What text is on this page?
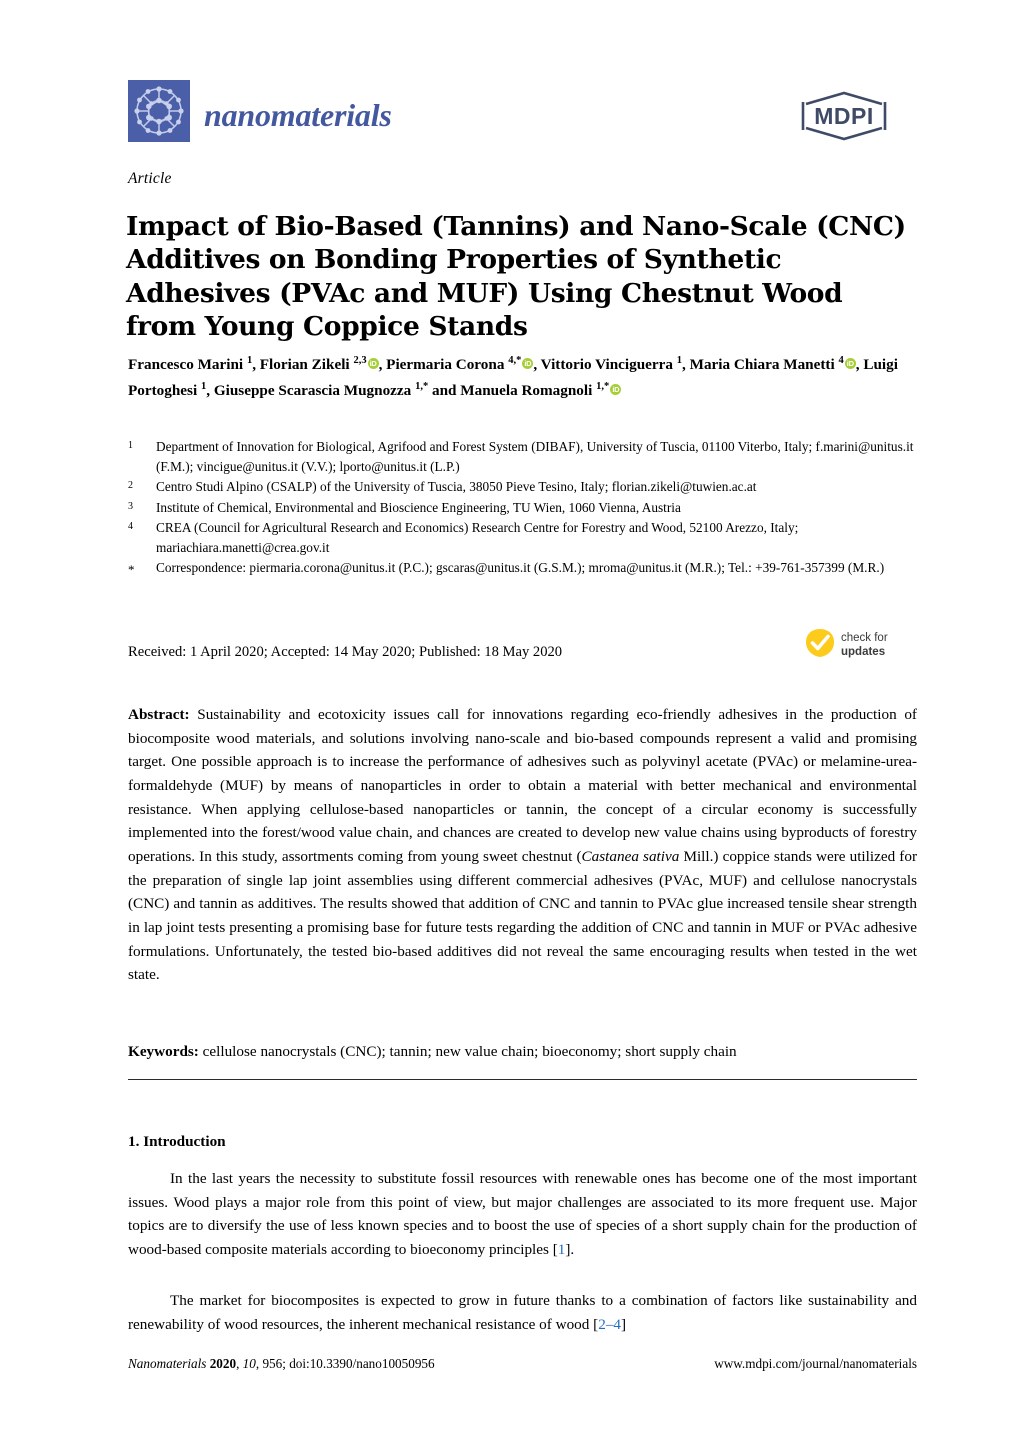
nanomaterials	MDPI
Article
Impact of Bio-Based (Tannins) and Nano-Scale (CNC) Additives on Bonding Properties of Synthetic Adhesives (PVAc and MUF) Using Chestnut Wood from Young Coppice Stands
Francesco Marini $^1$, Florian Zikeli $^{2,3}$ iD , Piermaria Corona $^{4,*}$ iD , Vittorio Vinciguerra $^1$, Maria Chiara Manetti $^4$ iD , Luigi Portoghesi $^1$, Giuseppe Scarascia Mugnozza $^{1,*}$ and Manuela Romagnoli $^{1,*}$ iD
1	Department of Innovation for Biological, Agrifood and Forest System (DIBAF), University of Tuscia, 01100 Viterbo, Italy; f.marini@unitus.it (F.M.); vincigue@unitus.it (V.V.); lporto@unitus.it (L.P.)
2	Centro Studi Alpino (CSALP) of the University of Tuscia, 38050 Pieve Tesino, Italy; florian.zikeli@tuwien.ac.at
3	Institute of Chemical, Environmental and Bioscience Engineering, TU Wien, 1060 Vienna, Austria
4	CREA (Council for Agricultural Research and Economics) Research Centre for Forestry and Wood, 52100 Arezzo, Italy; mariachiara.manetti@crea.gov.it
*	Correspondence: piermaria.corona@unitus.it (P.C.); gscaras@unitus.it (G.S.M.); mroma@unitus.it (M.R.); Tel.: +39-761-357399 (M.R.)
Received: 1 April 2020; Accepted: 14 May 2020; Published: 18 May 2020
check for
updates

Abstract: Sustainability and ecotoxicity issues call for innovations regarding eco-friendly adhesives in the production of biocomposite wood materials, and solutions involving nano-scale and bio-based compounds represent a valid and promising target. One possible approach is to increase the performance of adhesives such as polyvinyl acetate (PVAc) or melamine-urea-formaldehyde (MUF) by means of nanoparticles in order to obtain a material with better mechanical and environmental resistance. When applying cellulose-based nanoparticles or tannin, the concept of a circular economy is successfully implemented into the forest/wood value chain, and chances are created to develop new value chains using byproducts of forestry operations. In this study, assortments coming from young sweet chestnut (Castanea sativa Mill.) coppice stands were utilized for the preparation of single lap joint assemblies using different commercial adhesives (PVAc, MUF) and cellulose nanocrystals (CNC) and tannin as additives. The results showed that addition of CNC and tannin to PVAc glue increased tensile shear strength in lap joint tests presenting a promising base for future tests regarding the addition of CNC and tannin in MUF or PVAc adhesive formulations. Unfortunately, the tested bio-based additives did not reveal the same encouraging results when tested in the wet state.

Keywords: cellulose nanocrystals (CNC); tannin; new value chain; bioeconomy; short supply chain

1. Introduction

In the last years the necessity to substitute fossil resources with renewable ones has become one of the most important issues. Wood plays a major role from this point of view, but major challenges are associated to its more frequent use. Major topics are to diversify the use of less known species and to boost the use of species of a short supply chain for the production of wood-based composite materials according to bioeconomy principles [1].

The market for biocomposites is expected to grow in future thanks to a combination of factors like sustainability and renewability of wood resources, the inherent mechanical resistance of wood [2–4]

Nanomaterials 2020, 10, 956; doi:10.3390/nano10050956	www.mdpi.com/journal/nanomaterials
